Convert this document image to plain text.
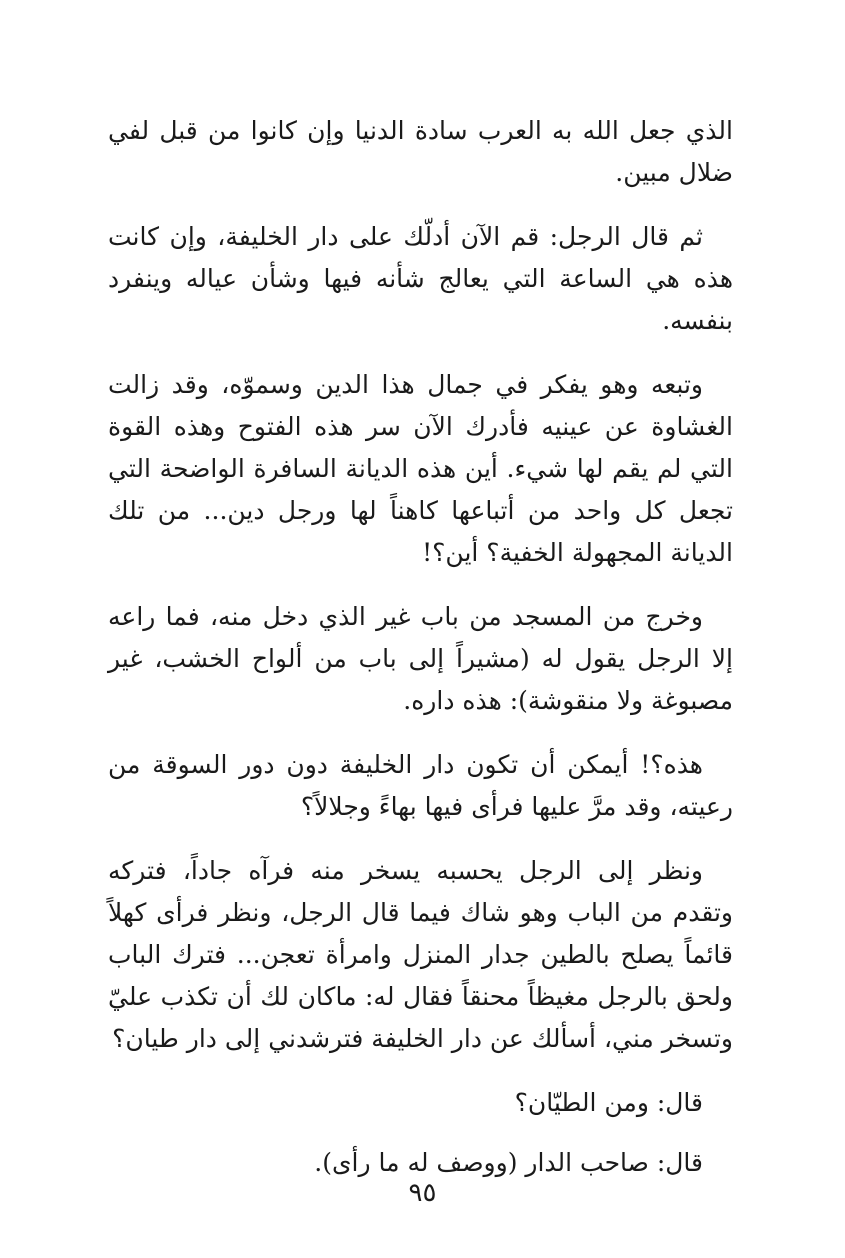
الذي جعل الله به العرب سادة الدنيا وإن كانوا من قبل لفي ضلال مبين.

ثم قال الرجل: قم الآن أدلّك على دار الخليفة، وإن كانت هذه هي الساعة التي يعالج شأنه فيها وشأن عياله وينفرد بنفسه.

وتبعه وهو يفكر في جمال هذا الدين وسموّه، وقد زالت الغشاوة عن عينيه فأدرك الآن سر هذه الفتوح وهذه القوة التي لم يقم لها شيء. أين هذه الديانة السافرة الواضحة التي تجعل كل واحد من أتباعها كاهناً لها ورجل دين... من تلك الديانة المجهولة الخفية؟ أين؟!

وخرج من المسجد من باب غير الذي دخل منه، فما راعه إلا الرجل يقول له (مشيراً إلى باب من ألواح الخشب، غير مصبوغة ولا منقوشة): هذه داره.

هذه؟! أيمكن أن تكون دار الخليفة دون دور السوقة من رعيته، وقد مرَّ عليها فرأى فيها بهاءً وجلالاً؟

ونظر إلى الرجل يحسبه يسخر منه فرآه جاداً، فتركه وتقدم من الباب وهو شاك فيما قال الرجل، ونظر فرأى كهلاً قائماً يصلح بالطين جدار المنزل وامرأة تعجن... فترك الباب ولحق بالرجل مغيظاً محنقاً فقال له: ماكان لك أن تكذب عليّ وتسخر مني، أسألك عن دار الخليفة فترشدني إلى دار طيان؟

قال: ومن الطيّان؟

قال: صاحب الدار (ووصف له ما رأى).

٩٥
